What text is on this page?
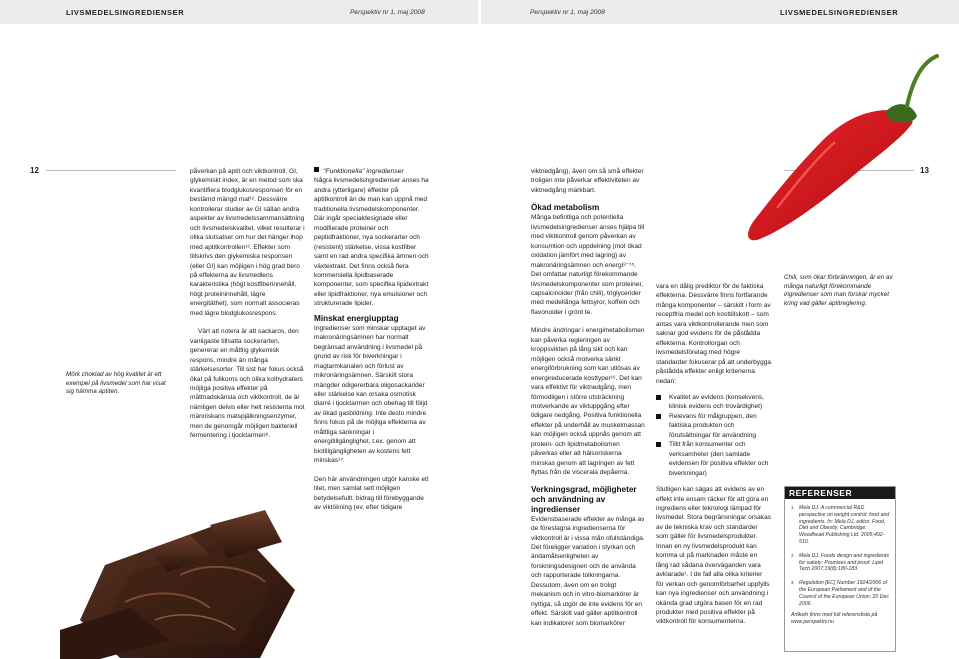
LIVSMEDELSINGREDIENSER	Perspektiv nr 1, maj 2008	Perspektiv nr 1, maj 2008	LIVSMEDELSINGREDIENSER
12	13
Mörk choklad av hög kvalitet är ett exempel på livsmedel som har visat sig hämma aptiten.
Chili, som ökar förbränningen, är en av många naturligt förekommande ingredienser som man forskar mycket kring vad gäller aptitreglering.

påverkan på aptit och viktkontroll. GI, glykemiskt index, är en metod som ska kvantifiera blodglukosresponsen för en bestämd mängd mat¹². Dessvärre kontrollerar studier av GI sällan andra aspekter av livsmedelssammansättning och livsmedelskvalitet, vilket resulterar i olika slutsatser om hur det hänger ihop med aptitkontrollen¹³. Effekter som tillskrivs den glykemiska responsen (eller GI) kan möjligen i hög grad bero på effekterna av livsmedlens karakteristika (högt kostfiberinnehåll, högt proteininnehåll, lägre energitäthet), som normalt associeras med lägre blodglukosrespons.

Värt att notera är att sackaros, den vanligaste tillsatta sockerarten, genererar en måttlig glykemisk respons, mindre än många stärkelsesorter. Till sist har fokus också ökat på fullkorns och olika kolhydraters möjliga positiva effekter på mättnadskänsla och viktkontroll, de är nämligen delvis eller helt resistenta mot människans matspjälkningsenzymer, men de genomgår möjligen bakteriell fermentering i tjocktarmen⁸.

"Funktionella" ingredienser

Några livsmedelsingredienser anses ha andra (ytterligare) effekter på aptitkontroll än de man kan uppnå med traditionella livsmedelskomponenter. Där ingår specialdesignade eller modifierade proteiner och peptidfraktioner, nya sockerarter och (resistent) stärkelse, vissa kostfiber samt en rad andra specifika ämnen och växtextrakt. Det finns också flera kommersiella lipidbaserade komponenter, som specifika lipidextrakt eller lipidfraktioner, nya emulsioner och strukturerade lipider.

Minskat energiupptag

Ingredienser som minskar upptaget av makronäringsämnen har normalt begränsad användning i livsmedel på grund av risk för biverkningar i magtarmkanalen och förlust av mikronäringsämnen. Särskilt stora mängder odigererbara oligosackarider eller stärkelse kan orsaka osmotisk diarré i tjocktarmen och obehag till följd av ökad gasbildning. Inte desto mindre finns fokus på de möjliga effekterna av måttliga sänkningar i energitillgänglighet, t.ex. genom att biotillgängligheten av kostens fett minskas¹⁴.

Den här användningen utgör kanske ett litet, men samlat sett möjligen betydelsefullt, bidrag till förebyggande av viktökning (ev. efter tidigare

viktnedgång), även om så små effekter troligen inte påverkar effektiviteten av viktnedgång märkbart.

Ökad metabolism

Många befintliga och potentiella livsmedelsingredienser anses hjälpa till med viktkontroll genom påverkan av konsumtion och uppdelning (mot ökad oxidation jämfört med lagring) av makronäringsämnen och energi⁸⁻¹⁵. Det omfattar naturligt förekommande livsmedelskomponenter som proteiner, capsaicinoider (från chili), triglycerider med medellånga fettsyror, koffein och flavonoider i grönt te.

Mindre ändringar i energimetabolismen kan påverka regleringen av kroppsvikten på lång sikt och kan möjligen också motverka sänkt energiförbrukning som kan utlösas av energireducerade kosttyper¹⁶. Det kan vara effektivt för viktnedgång, men förmodligen i större utsträckning motverkande av viktuppgång efter tidigare nedgång. Positiva funktionella effekter på underhåll av muskelmassan kan möjligen också uppnås genom att protein- och lipidmetabolismen påverkas eller att hälsoriskerna minskas genom att lagringen av fett flyttas från de viscerala depåerna.

Verkningsgrad, möjligheter och användning av ingredienser

Evidensbaserade effekter av många av de föreslagna ingredienserna för viktkontroll är i vissa mån ofullständiga. Det föreligger variation i styrkan och ändamålsenligheten av forskningsdesignen och de använda och rapporterade tolkningarna. Dessutom, även om en troligt mekanism och in vitro-biomarkörer är nyttiga, så utgör de inte evidens för en effekt. Särskilt vad gäller aptitkontroll kan indikatorer som biomarkörer

vara en dålig prediktor för de faktiska effekterna. Dessvärre finns fortfarande många komponenter – särskilt i form av receptfria medel och kosttillskott – som antas vara viktkontrollerande men som saknar god evidens för de påstådda effekterna. Kontrollorgan och livsmedelsföretag med högre standarder fokuserar på att underbygga påstådda effekter enligt kriterierna nedan:

Kvalitet av evidens (konsekvens, klinisk evidens och trovärdighet)
Relevans för målgruppen, den faktiska produkten och förutsättningar för användning
Tillit från konsumenter och verksamheter (den samlade evidensen för positiva effekter och biverkningar)

Slutligen kan sägas att evidens av en effekt inte ensam räcker för att göra en ingrediens eller teknologi lämpad för livsmedel. Stora begränsningar orsakas av de tekniska krav och standarder som gäller för livsmedelsprodukter. Innan en ny livsmedelsprodukt kan komma ut på marknaden måste en lång rad sådana överväganden vara avklarade¹. I de fall alla olika kriterier för verkan och genomförbarhet uppfylls kan nya ingredienser och användning i okända grad utgöra basen för en rad produkter med positiva effekter på viktkontroll för konsumenterna.

REFERENSER
1	Mela DJ. A commercial R&D perspective on weight control: food and ingredients. In: Mela DJ, editor. Food, Diet and Obesity, Cambridge: Woodhead Publishing Ltd, 2005;492-510.
2	Mela DJ. Foods design and ingredients for satiety: Promises and proof. Lipid Tech 2007;19(8):180-183.
3	Regulation [EC] Number 1924/2006 of the European Parliament and of the Council of the European Union; 20 Dec 2006.
Artikeln finns med full referenslista på www.perspektiv.nu
